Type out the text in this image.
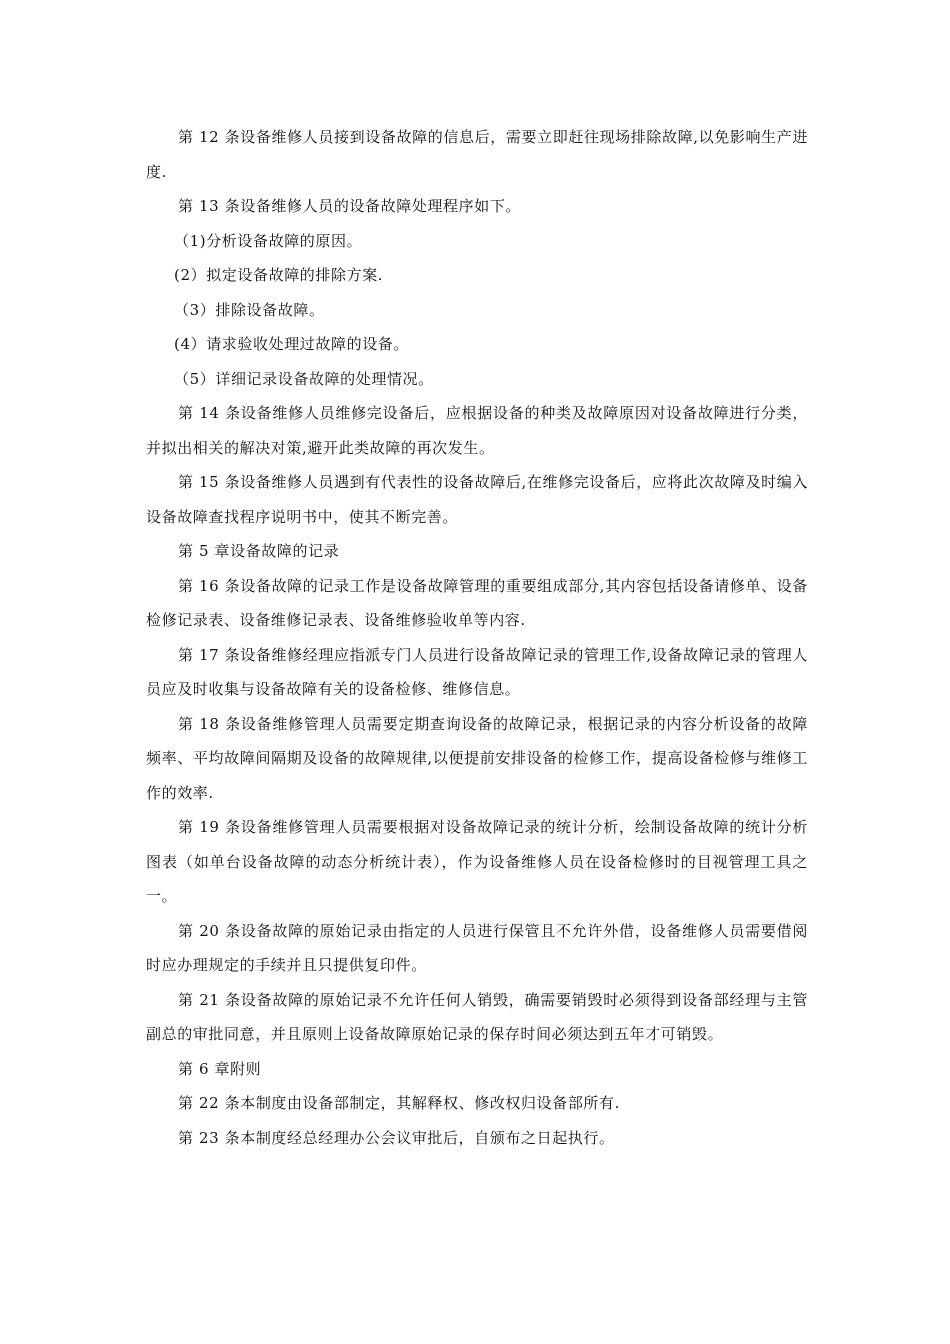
第 12 条设备维修人员接到设备故障的信息后，需要立即赶往现场排除故障,以免影响生产进度.

第 13 条设备维修人员的设备故障处理程序如下。

（1)分析设备故障的原因。

(2）拟定设备故障的排除方案.

（3）排除设备故障。

(4）请求验收处理过故障的设备。

（5）详细记录设备故障的处理情况。

第 14 条设备维修人员维修完设备后，应根据设备的种类及故障原因对设备故障进行分类，并拟出相关的解决对策,避开此类故障的再次发生。

第 15 条设备维修人员遇到有代表性的设备故障后,在维修完设备后，应将此次故障及时编入设备故障查找程序说明书中，使其不断完善。

第 5 章设备故障的记录

第 16 条设备故障的记录工作是设备故障管理的重要组成部分,其内容包括设备请修单、设备检修记录表、设备维修记录表、设备维修验收单等内容.

第 17 条设备维修经理应指派专门人员进行设备故障记录的管理工作,设备故障记录的管理人员应及时收集与设备故障有关的设备检修、维修信息。

第 18 条设备维修管理人员需要定期查询设备的故障记录，根据记录的内容分析设备的故障频率、平均故障间隔期及设备的故障规律,以便提前安排设备的检修工作，提高设备检修与维修工作的效率.

第 19 条设备维修管理人员需要根据对设备故障记录的统计分析，绘制设备故障的统计分析图表（如单台设备故障的动态分析统计表），作为设备维修人员在设备检修时的目视管理工具之一。

第 20 条设备故障的原始记录由指定的人员进行保管且不允许外借，设备维修人员需要借阅时应办理规定的手续并且只提供复印件。

第 21 条设备故障的原始记录不允许任何人销毁，确需要销毁时必须得到设备部经理与主管副总的审批同意，并且原则上设备故障原始记录的保存时间必须达到五年才可销毁。

第 6 章附则

第 22 条本制度由设备部制定，其解释权、修改权归设备部所有.

第 23 条本制度经总经理办公会议审批后，自颁布之日起执行。
